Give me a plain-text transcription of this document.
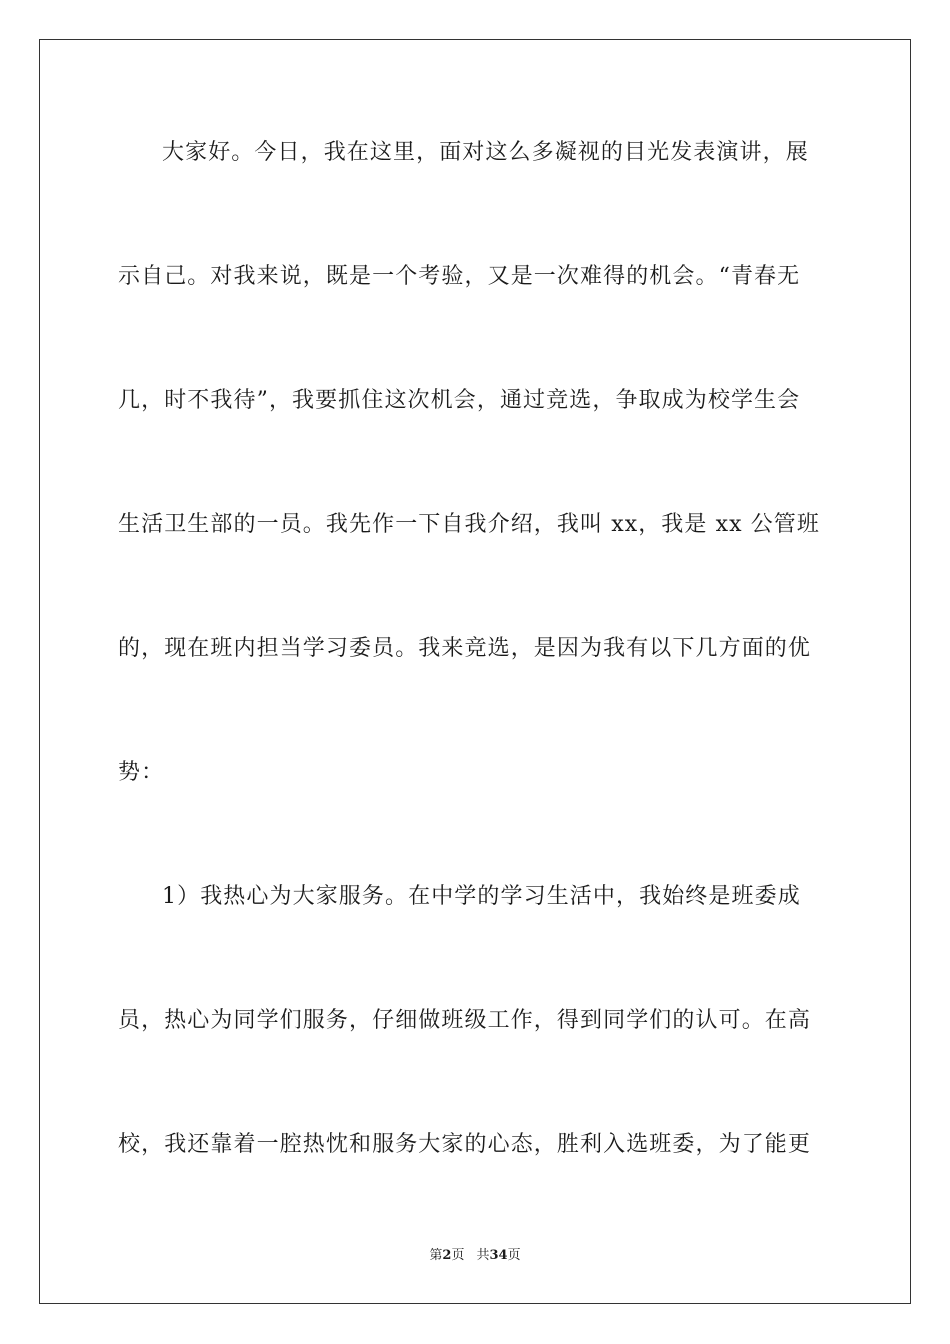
大家好。今日，我在这里，面对这么多凝视的目光发表演讲，展
示自己。对我来说，既是一个考验，又是一次难得的机会。“青春无
几，时不我待”，我要抓住这次机会，通过竞选，争取成为校学生会
生活卫生部的一员。我先作一下自我介绍，我叫 xx，我是 xx 公管班
的，现在班内担当学习委员。我来竞选，是因为我有以下几方面的优
势：
1）我热心为大家服务。在中学的学习生活中，我始终是班委成
员，热心为同学们服务，仔细做班级工作，得到同学们的认可。在高
校，我还靠着一腔热忱和服务大家的心态，胜利入选班委，为了能更
第2页 共34页
